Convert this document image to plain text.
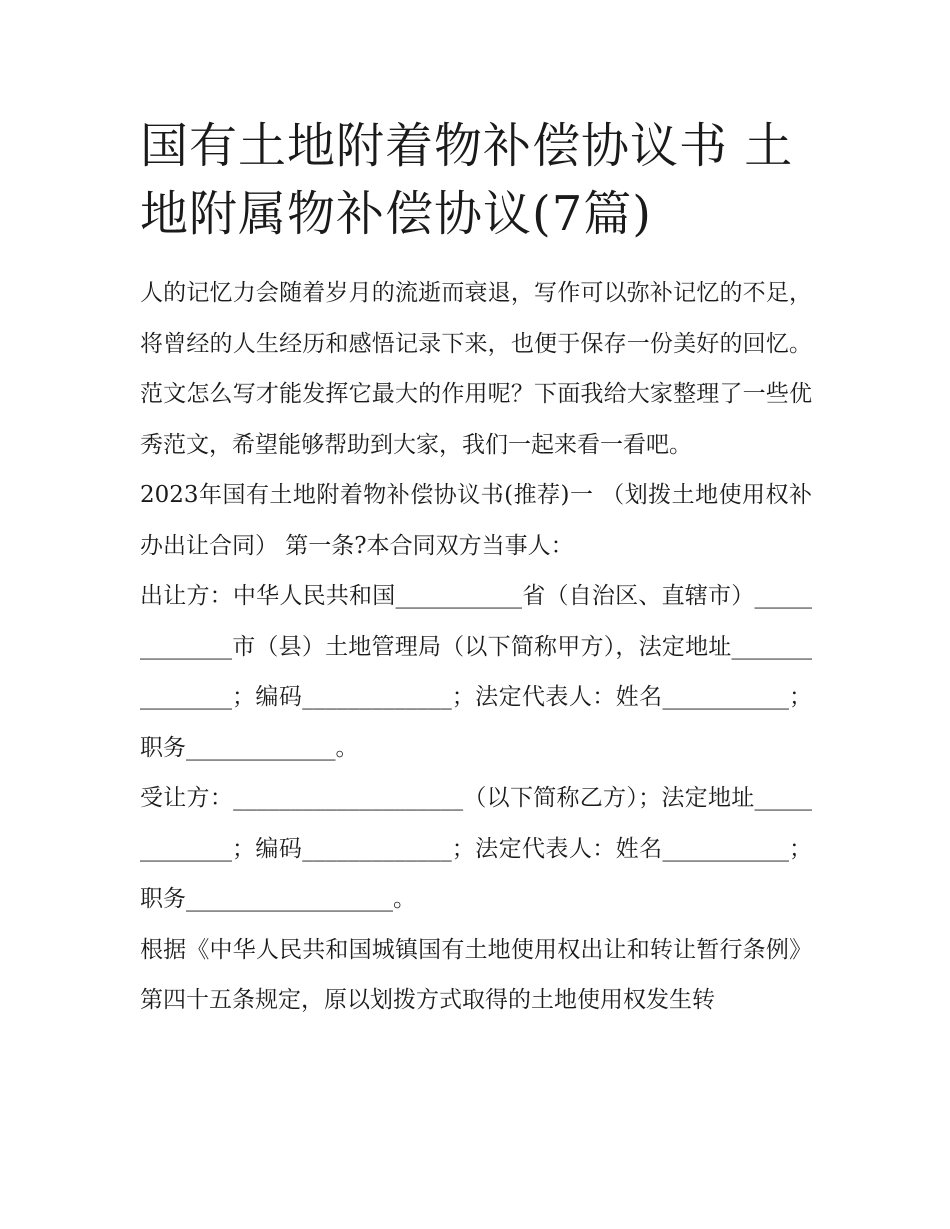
国有土地附着物补偿协议书 土地附属物补偿协议(7篇)

人的记忆力会随着岁月的流逝而衰退，写作可以弥补记忆的不足，将曾经的人生经历和感悟记录下来，也便于保存一份美好的回忆。范文怎么写才能发挥它最大的作用呢？下面我给大家整理了一些优秀范文，希望能够帮助到大家，我们一起来看一看吧。

2023年国有土地附着物补偿协议书(推荐)一 （划拨土地使用权补办出让合同） 第一条?本合同双方当事人：

出让方：中华人民共和国___________省（自治区、直辖市）_____________市（县）土地管理局（以下简称甲方），法定地址_______________；编码_____________；法定代表人：姓名___________；职务_____________。

受让方：____________________（以下简称乙方）；法定地址_____________；编码_____________；法定代表人：姓名___________；职务__________________。

根据《中华人民共和国城镇国有土地使用权出让和转让暂行条例》第四十五条规定，原以划拨方式取得的土地使用权发生转
